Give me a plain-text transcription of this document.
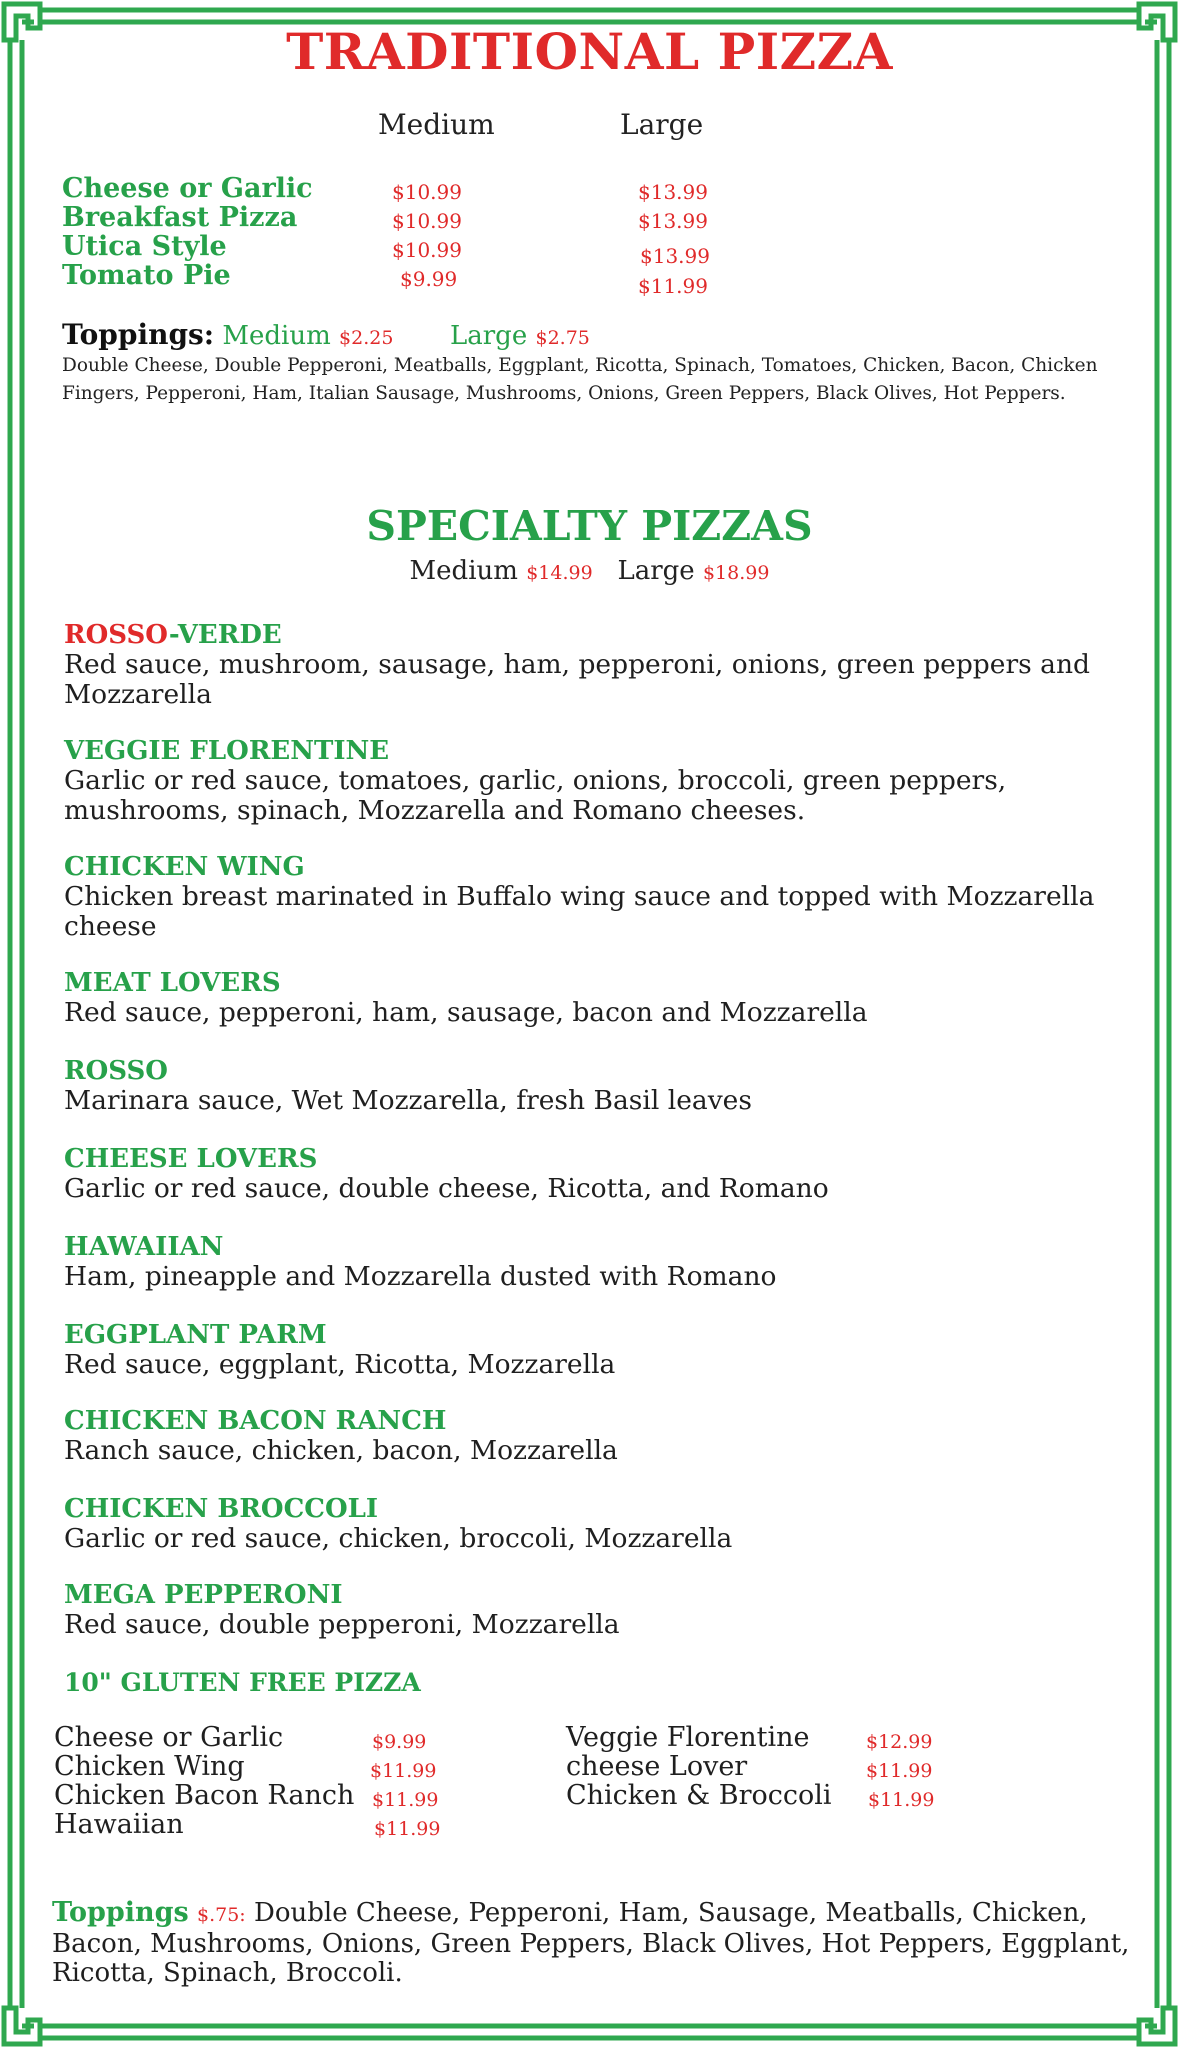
TRADITIONAL PIZZA
Medium	Large
Cheese or Garlic	$10.99	$13.99
Breakfast Pizza	$10.99	$13.99
Utica Style	$10.99	$13.99
Tomato Pie	$9.99	$11.99
Toppings: Medium $2.25 Large $2.75
Double Cheese, Double Pepperoni, Meatballs, Eggplant, Ricotta, Spinach, Tomatoes, Chicken, Bacon, Chicken Fingers, Pepperoni, Ham, Italian Sausage, Mushrooms, Onions, Green Peppers, Black Olives, Hot Peppers.
SPECIALTY PIZZAS
Medium $14.99 Large $18.99
ROSSO-VERDE
Red sauce, mushroom, sausage, ham, pepperoni, onions, green peppers and Mozzarella
VEGGIE FLORENTINE
Garlic or red sauce, tomatoes, garlic, onions, broccoli, green peppers, mushrooms, spinach, Mozzarella and Romano cheeses.
CHICKEN WING
Chicken breast marinated in Buffalo wing sauce and topped with Mozzarella cheese
MEAT LOVERS
Red sauce, pepperoni, ham, sausage, bacon and Mozzarella
ROSSO
Marinara sauce, Wet Mozzarella, fresh Basil leaves
CHEESE LOVERS
Garlic or red sauce, double cheese, Ricotta, and Romano
HAWAIIAN
Ham, pineapple and Mozzarella dusted with Romano
EGGPLANT PARM
Red sauce, eggplant, Ricotta, Mozzarella
CHICKEN BACON RANCH
Ranch sauce, chicken, bacon, Mozzarella
CHICKEN BROCCOLI
Garlic or red sauce, chicken, broccoli, Mozzarella
MEGA PEPPERONI
Red sauce, double pepperoni, Mozzarella
10" GLUTEN FREE PIZZA
Cheese or Garlic	$9.99
Chicken Wing	$11.99
Chicken Bacon Ranch $11.99
Hawaiian	$11.99
Veggie Florentine	$12.99
cheese Lover	$11.99
Chicken & Broccoli $11.99
Toppings $.75: Double Cheese, Pepperoni, Ham, Sausage, Meatballs, Chicken, Bacon, Mushrooms, Onions, Green Peppers, Black Olives, Hot Peppers, Eggplant, Ricotta, Spinach, Broccoli.
